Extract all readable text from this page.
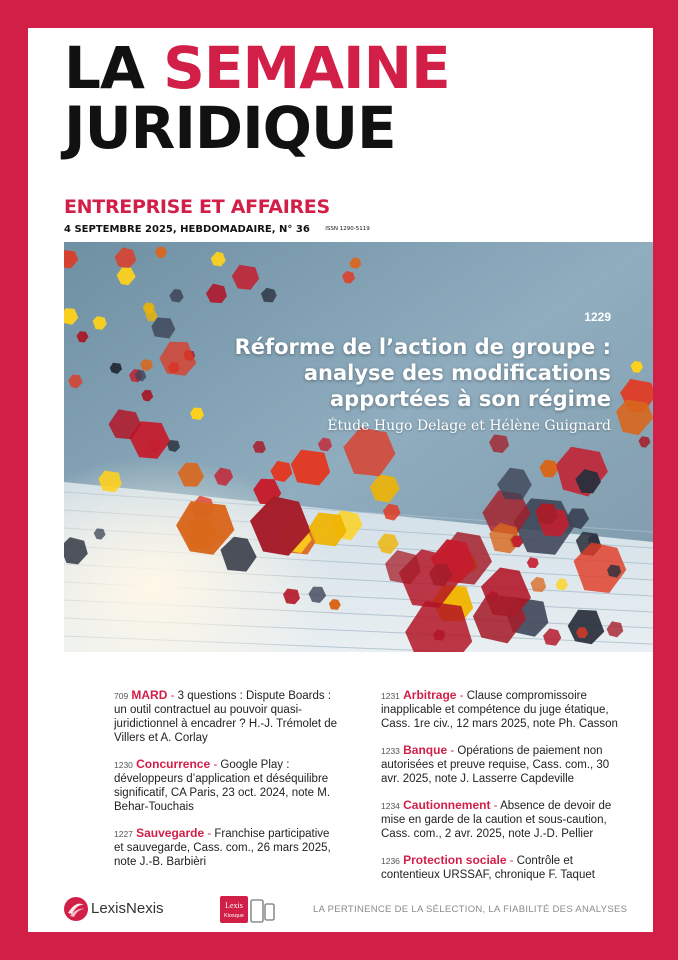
LA SEMAINE
JURIDIQUE
ENTREPRISE ET AFFAIRES
4 SEPTEMBRE 2025, HEBDOMADAIRE, N° 36	ISSN 1290-5119
1229
Réforme de l’action de groupe :
analyse des modifications
apportées à son régime
Étude Hugo Delage et Hélène Guignard
709 MARD - 3 questions : Dispute Boards : un outil contractuel au pouvoir quasi-juridictionnel à encadrer ? H.-J. Trémolet de Villers et A. Corlay
1230 Concurrence - Google Play : développeurs d’application et déséquilibre significatif, CA Paris, 23 oct. 2024, note M. Behar-Touchais
1227 Sauvegarde - Franchise participative et sauvegarde, Cass. com., 26 mars 2025, note J.-B. Barbièri
1231 Arbitrage - Clause compromissoire inapplicable et compétence du juge étatique, Cass. 1re civ., 12 mars 2025, note Ph. Casson
1233 Banque - Opérations de paiement non autorisées et preuve requise, Cass. com., 30 avr. 2025, note J. Lasserre Capdeville
1234 Cautionnement - Absence de devoir de mise en garde de la caution et sous-caution, Cass. com., 2 avr. 2025, note J.-D. Pellier
1236 Protection sociale - Contrôle et contentieux URSSAF, chronique F. Taquet
LexisNexis	Lexis
Kiosque
LA PERTINENCE DE LA SÉLECTION, LA FIABILITÉ DES ANALYSES
